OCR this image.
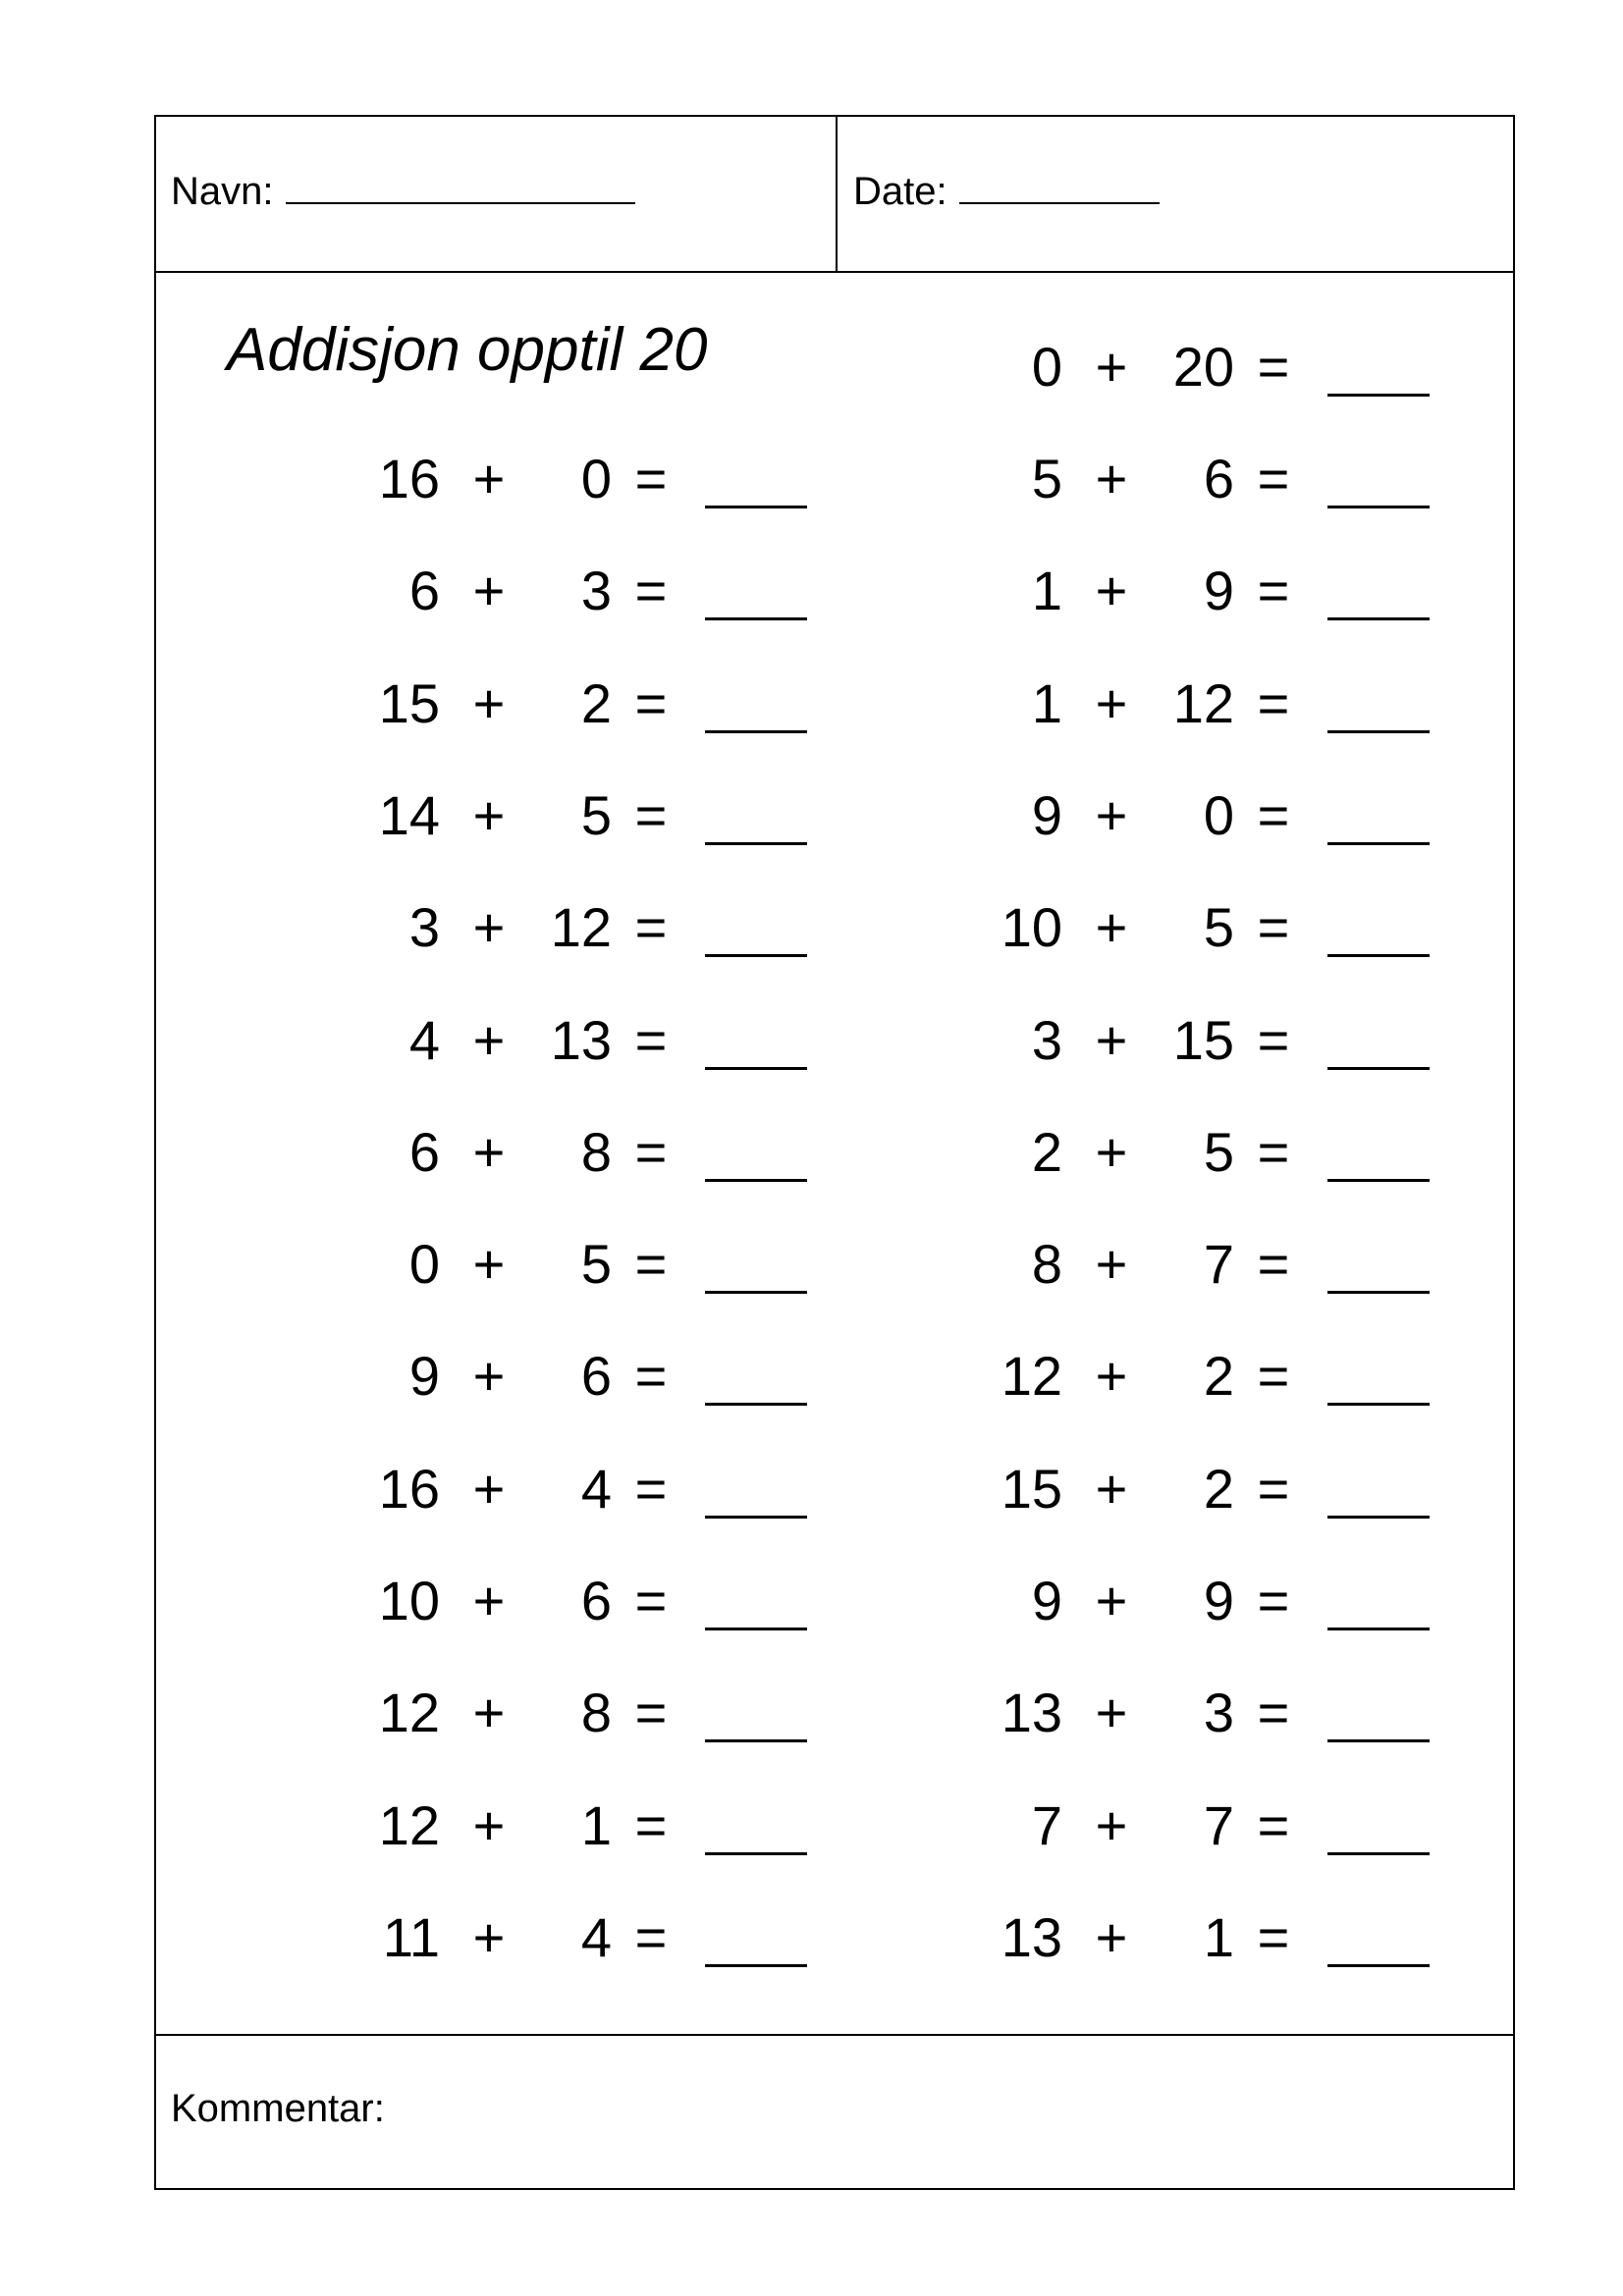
Navn:	Date:
Addisjon opptil 20	0 + 20 =
16 +	0 =	5 +	6 =
6 +	3 =	1 +	9 =
15 +	2 =	1 + 12 =
14 +	5 =	9 +	0 =
3 + 12 =	10 +	5 =
4 + 13 =	3 + 15 =
6 +	8 =	2 +	5 =
0 +	5 =	8 +	7 =
9 +	6 =	12 +	2 =
16 +	4 =	15 +	2 =
10 +	6 =	9 +	9 =
12 +	8 =	13 +	3 =
12 +	1 =	7 +	7 =
11 +	4 =	13 +	1 =
Kommentar:
